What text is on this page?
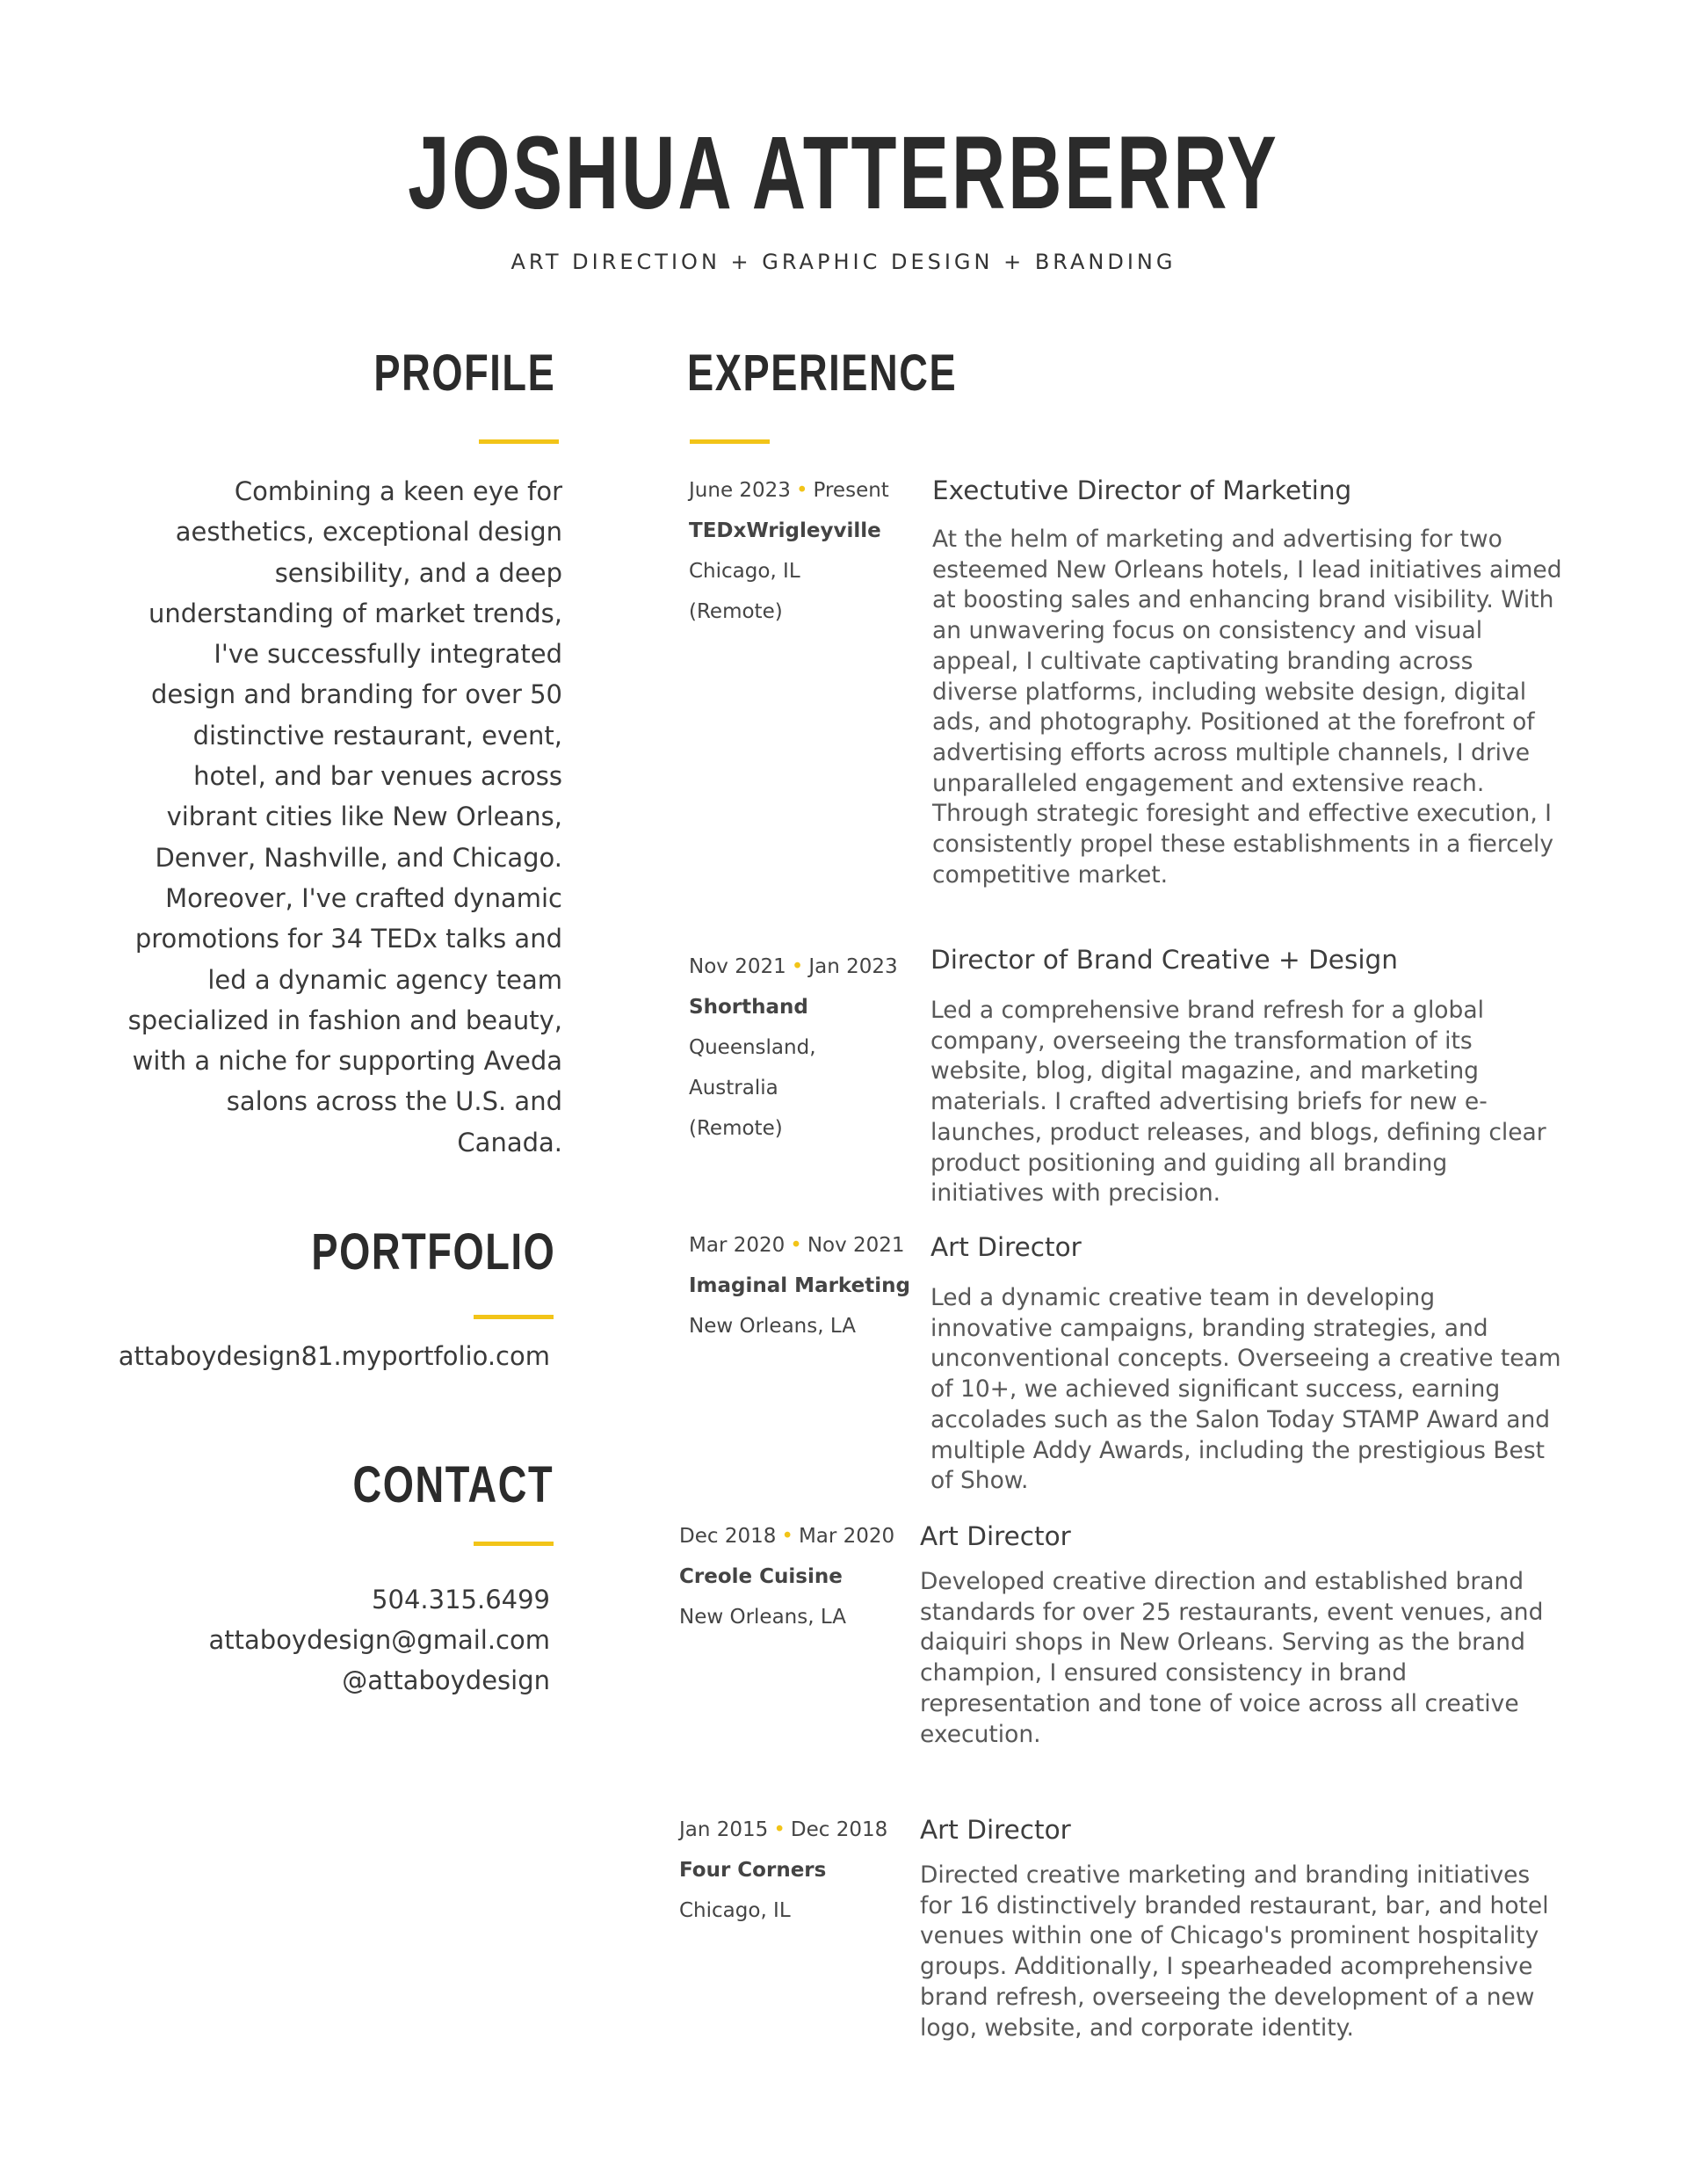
JOSHUA ATTERBERRY
ART DIRECTION + GRAPHIC DESIGN + BRANDING
PROFILE
Combining a keen eye for aesthetics, exceptional design sensibility, and a deep understanding of market trends, I've successfully integrated design and branding for over 50 distinctive restaurant, event, hotel, and bar venues across vibrant cities like New Orleans, Denver, Nashville, and Chicago. Moreover, I've crafted dynamic promotions for 34 TEDx talks and led a dynamic agency team specialized in fashion and beauty, with a niche for supporting Aveda salons across the U.S. and Canada.
PORTFOLIO
attaboydesign81.myportfolio.com
CONTACT
504.315.6499
attaboydesign@gmail.com
@attaboydesign
EXPERIENCE
June 2023 • Present
TEDxWrigleyville
Chicago, IL
(Remote)
Exectutive Director of Marketing
At the helm of marketing and advertising for two esteemed New Orleans hotels, I lead initiatives aimed at boosting sales and enhancing brand visibility. With an unwavering focus on consistency and visual appeal, I cultivate captivating branding across diverse platforms, including website design, digital ads, and photography. Positioned at the forefront of advertising efforts across multiple channels, I drive unparalleled engagement and extensive reach. Through strategic foresight and effective execution, I consistently propel these establishments in a fiercely competitive market.
Nov 2021 • Jan 2023
Shorthand
Queensland,
Australia
(Remote)
Director of Brand Creative + Design
Led a comprehensive brand refresh for a global company, overseeing the transformation of its website, blog, digital magazine, and marketing materials. I crafted advertising briefs for new e-launches, product releases, and blogs, defining clear product positioning and guiding all branding initiatives with precision.
Mar 2020 • Nov 2021
Imaginal Marketing
New Orleans, LA
Art Director
Led a dynamic creative team in developing innovative campaigns, branding strategies, and unconventional concepts. Overseeing a creative team of 10+, we achieved significant success, earning accolades such as the Salon Today STAMP Award and multiple Addy Awards, including the prestigious Best of Show.
Dec 2018 • Mar 2020
Creole Cuisine
New Orleans, LA
Art Director
Developed creative direction and established brand standards for over 25 restaurants, event venues, and daiquiri shops in New Orleans. Serving as the brand champion, I ensured consistency in brand representation and tone of voice across all creative execution.
Jan 2015 • Dec 2018
Four Corners
Chicago, IL
Art Director
Directed creative marketing and branding initiatives for 16 distinctively branded restaurant, bar, and hotel venues within one of Chicago's prominent hospitality groups. Additionally, I spearheaded acomprehensive brand refresh, overseeing the development of a new logo, website, and corporate identity.
